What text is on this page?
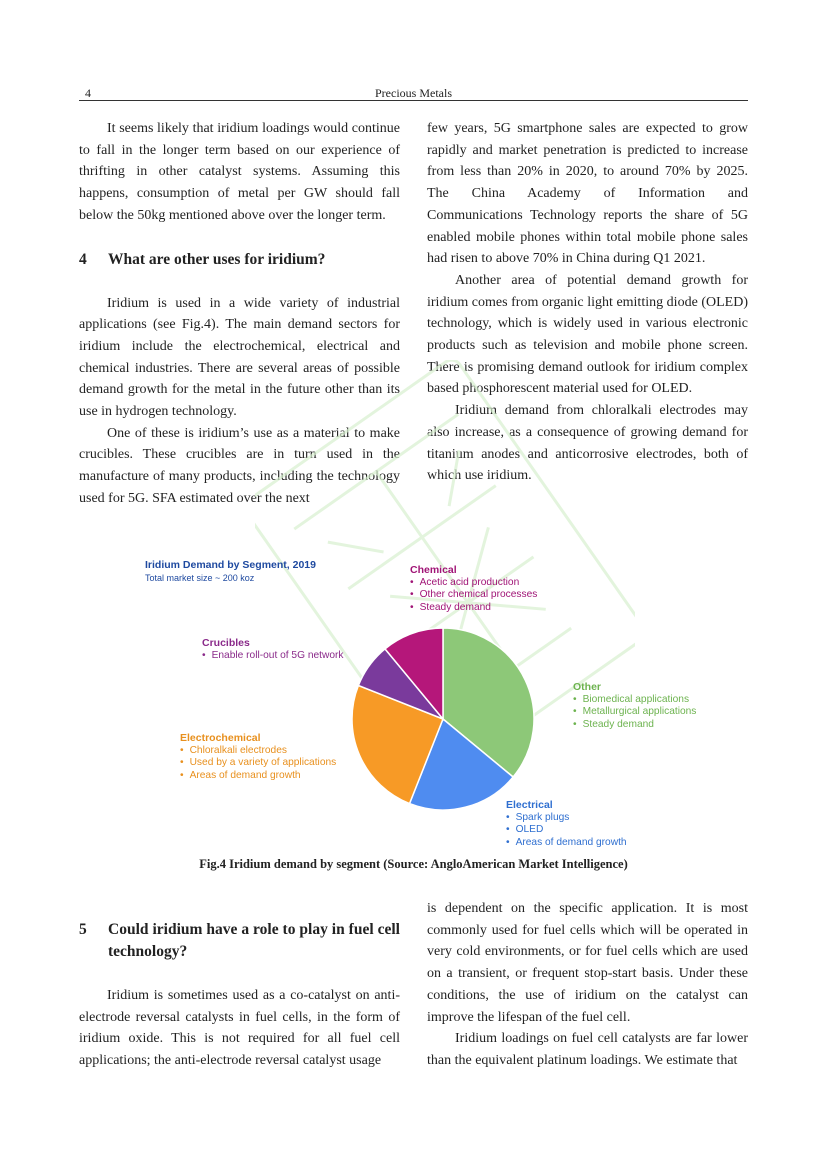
4	Precious Metals

It seems likely that iridium loadings would continue to fall in the longer term based on our experience of thrifting in other catalyst systems. Assuming this happens, consumption of metal per GW should fall below the 50kg mentioned above over the longer term.

4 What are other uses for iridium?

Iridium is used in a wide variety of industrial applications (see Fig.4). The main demand sectors for iridium include the electrochemical, electrical and chemical industries. There are several areas of possible demand growth for the metal in the future other than its use in hydrogen technology.

One of these is iridium’s use as a material to make crucibles. These crucibles are in turn used in the manufacture of many products, including the technology used for 5G. SFA estimated over the next

few years, 5G smartphone sales are expected to grow rapidly and market penetration is predicted to increase from less than 20% in 2020, to around 70% by 2025. The China Academy of Information and Communications Technology reports the share of 5G enabled mobile phones within total mobile phone sales had risen to above 70% in China during Q1 2021.

Another area of potential demand growth for iridium comes from organic light emitting diode (OLED) technology, which is widely used in various electronic products such as television and mobile phone screen. There is promising demand outlook for iridium complex based phosphorescent material used for OLED.

Iridium demand from chloralkali electrodes may also increase, as a consequence of growing demand for titanium anodes and anticorrosive electrodes, both of which use iridium.

Iridium Demand by Segment, 2019
Total market size ~ 200 koz
Chemical
• Acetic acid production
• Other chemical processes
• Steady demand
Crucibles
• Enable roll-out of 5G network
Other
• Biomedical applications
• Metallurgical applications
• Steady demand
Electrochemical
• Chloralkali electrodes
• Used by a variety of applications
• Areas of demand growth
Electrical
• Spark plugs
• OLED
• Areas of demand growth
Fig.4 Iridium demand by segment (Source: AngloAmerican Market Intelligence)
5 Could iridium have a role to play in fuel cell technology?

Iridium is sometimes used as a co-catalyst on anti-electrode reversal catalysts in fuel cells, in the form of iridium oxide. This is not required for all fuel cell applications; the anti-electrode reversal catalyst usage

is dependent on the specific application. It is most commonly used for fuel cells which will be operated in very cold environments, or for fuel cells which are used on a transient, or frequent stop-start basis. Under these conditions, the use of iridium on the catalyst can improve the lifespan of the fuel cell.

Iridium loadings on fuel cell catalysts are far lower than the equivalent platinum loadings. We estimate that
